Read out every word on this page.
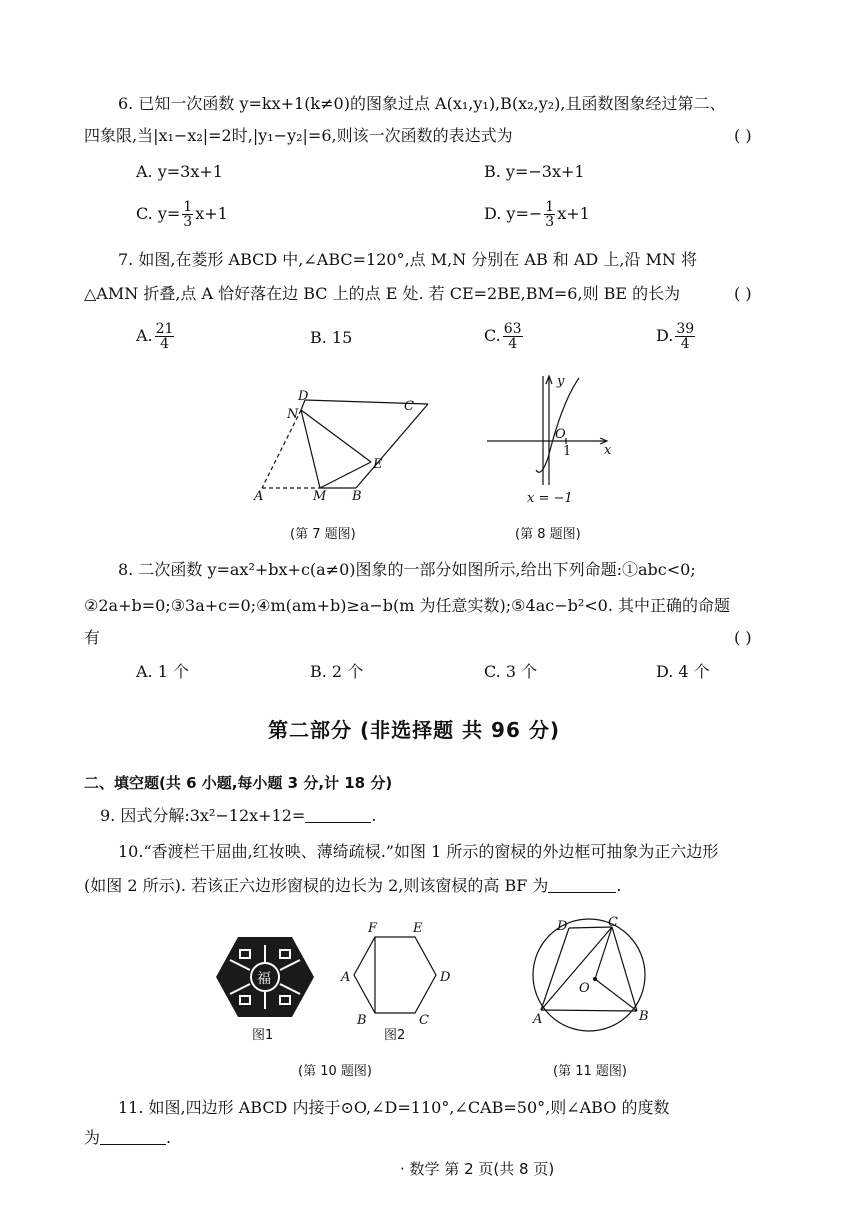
6. 已知一次函数 y=kx+1(k≠0)的图象过点 A(x₁,y₁),B(x₂,y₂),且函数图象经过第二、
四象限,当|x₁−x₂|=2时,|y₁−y₂|=6,则该一次函数的表达式为	( )
A. y=3x+1	B. y=−3x+1
C. $y= \frac{1}{3} x+1$	D. $y=- \frac{1}{3} x+1$
7. 如图,在菱形 ABCD 中,∠ABC=120°,点 M,N 分别在 AB 和 AD 上,沿 MN 将
△AMN 折叠,点 A 恰好落在边 BC 上的点 E 处. 若 CE=2BE,BM=6,则 BE 的长为	( )
A. $\frac{21}{4}$	B. 15	C. $\frac{63}{4}$	D. $\frac{39}{4}$
D
C
N
E
A	M B
(第 7 题图)
y
O
1	x
x = −1
(第 8 题图)
8. 二次函数 y=ax²+bx+c(a≠0)图象的一部分如图所示,给出下列命题:①abc<0;
②2a+b=0;③3a+c=0;④m(am+b)≥a−b(m 为任意实数);⑤4ac−b²<0. 其中正确的命题
有	( )
A. 1 个	B. 2 个	C. 3 个	D. 4 个
第二部分 (非选择题 共 96 分)
二、填空题(共 6 小题,每小题 3 分,计 18 分)
9. 因式分解:3x²−12x+12=	.
10.“香渡栏干屈曲,红妆映、薄绮疏棂.”如图 1 所示的窗棂的外边框可抽象为正六边形
(如图 2 所示). 若该正六边形窗棂的边长为 2,则该窗棂的高 BF 为	.
福
F	E
A	D
B	C
图1	图2
(第 10 题图)
D	C
O
A	B
(第 11 题图)
11. 如图,四边形 ABCD 内接于⊙O,∠D=110°,∠CAB=50°,则∠ABO 的度数
为	.
· 数学 第 2 页(共 8 页)
